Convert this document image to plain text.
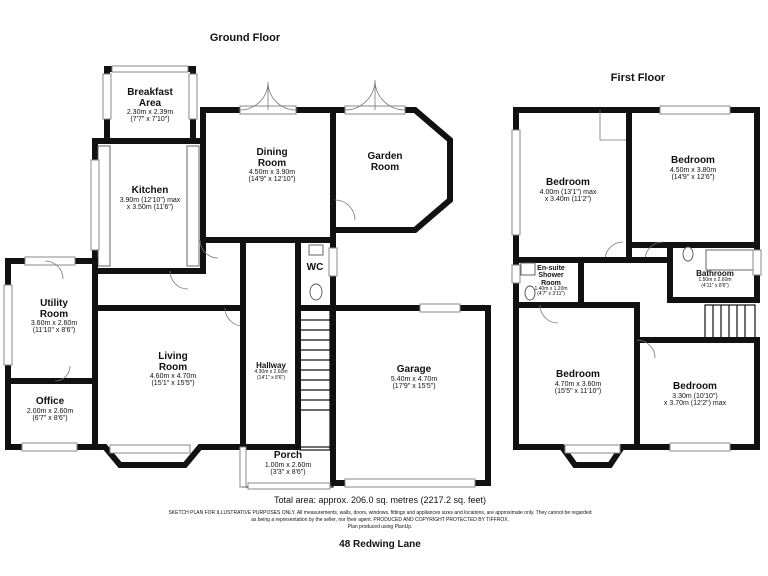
Ground Floor
First Floor
Breakfast
Area
2.30m x 2.39m
(7'7" x 7'10")
Kitchen
3.90m (12'10") max
x 3.50m (11'6")
Dining
Room
4.50m x 3.90m
(14'9" x 12'10")
Garden
Room
WC
Utility
Room
3.60m x 2.60m
(11'10" x 8'6")
Living
Room
4.60m x 4.70m
(15'1" x 15'5")
Hallway
4.30m x 2.60m
(14'1" x 8'6")
Garage
5.40m x 4.70m
(17'9" x 15'5")
Office
2.00m x 2.60m
(6'7" x 8'6")
Porch
1.00m x 2.60m
(3'3" x 8'6")
Bedroom
4.00m (13'1") max
x 3.40m (11'2")
Bedroom
4.50m x 3.80m
(14'9" x 12'6")
En-suite
Shower
Room
1.40m x 1.20m
(4'7" x 3'11")
Bathroom
1.50m x 2.60m
(4'11" x 8'6")
Bedroom
4.70m x 3.60m
(15'5" x 11'10")	Bedroom
3.30m (10'10")
x 3.70m (12'2") max
Total area: approx. 206.0 sq. metres (2217.2 sq. feet)
SKETCH PLAN FOR ILLUSTRATIVE PURPOSES ONLY. All measurements, walls, doors, windows, fittings and appliances sizes and locations, are approximate only. They cannot be regarded
as being a representation by the seller, nor their agent. PRODUCED AND COPYRIGHT PROTECTED BY TIFFROX.
Plan produced using PlanUp.
48 Redwing Lane
